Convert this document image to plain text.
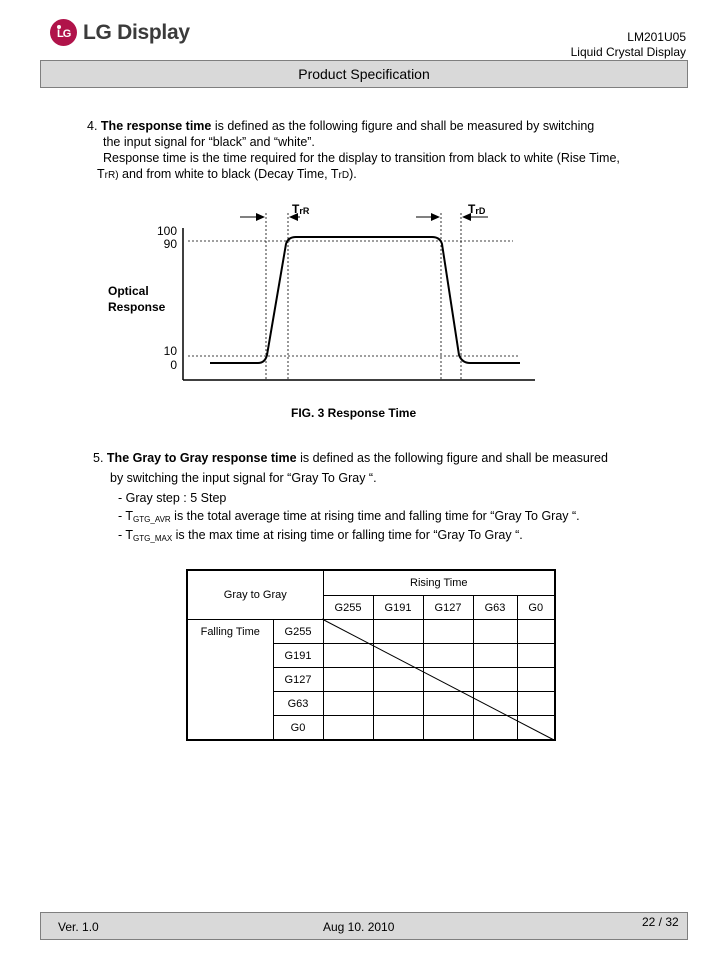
LG LG Display	LM201U05
Liquid Crystal Display
Product Specification
4. The response time is defined as the following figure and shall be measured by switching
the input signal for “black” and “white”.
Response time is the time required for the display to transition from black to white (Rise Time,
TrR) and from white to black (Decay Time, TrD).
TrR	TrD
100
90
10
0
Optical
Response
FIG. 3 Response Time
5. The Gray to Gray response time is defined as the following figure and shall be measured
by switching the input signal for “Gray To Gray “.
- Gray step : 5 Step
- $T_{GTG\_AVR}$ is the total average time at rising time and falling time for “Gray To Gray “.
- $T_{GTG\_MAX}$ is the max time at rising time or falling time for “Gray To Gray “.
Gray to Gray		Rising Time				
		G255	G191	G127	G63	G0
Falling Time	G255					
	G191					
	G127					
	G63					
	G0					
Ver. 1.0	Aug 10. 2010	22 / 32
